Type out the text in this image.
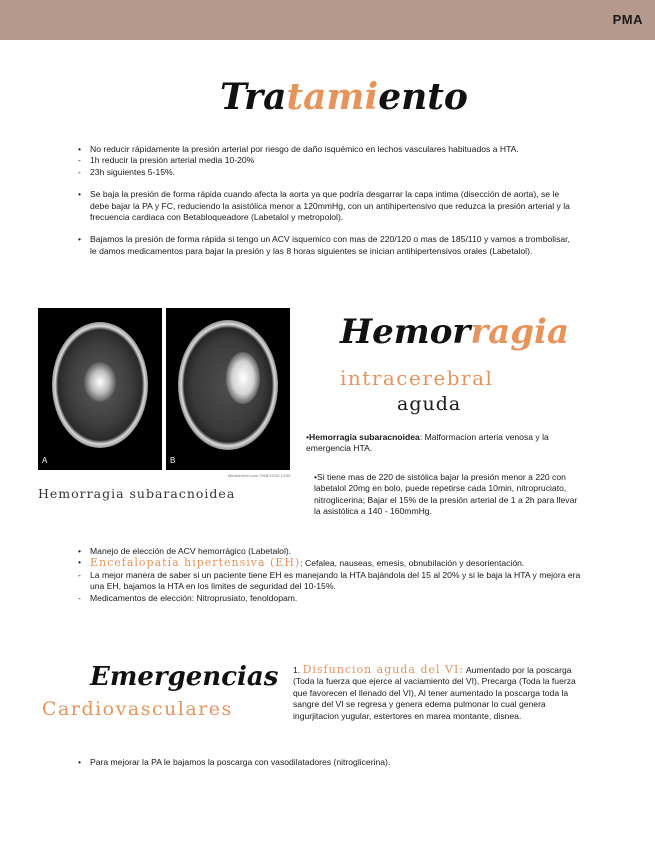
PMA
Tratamiento
•	No reducir rápidamente la presión arterial por riesgo de daño isquémico en lechos vasculares habituados a HTA.
-	1h reducir la presión arterial media 10-20%
-	23h siguientes 5-15%.
•	Se baja la presión de forma rápida cuando afecta la aorta ya que podría desgarrar la capa intima (disección de aorta), se le debe bajar la PA y FC, reduciendo la asistólica menor a 120mmHg, con un antihipertensivo que reduzca la presión arterial y la frecuencia cardiaca con Betabloqueadore (Labetalol y metropolol).
•	Bajamos la presión de forma rápida si tengo un ACV isquemico con mas de 220/120 o mas de 185/110 y vamos a trombolisar, le damos medicamentos para bajar la presión y las 8 horas siguientes se inician antihipertensivos orales (Labetalol).
A	B
Medicinenet.com 2008/10/20 13:56
Hemorragia subaracnoidea
Hemorragia
intracerebral
aguda
•Hemorragia subaracnoidea: Malformacion arteria venosa y la emergencia HTA.
•Si tiene mas de 220 de sistólica bajar la presión menor a 220 con labetalol 20mg en bolo, puede repetirse cada 10min, nitropruciato, nitroglicerina; Bajar el 15% de la presión arterial de 1 a 2h para llevar la asistólica a 140 - 160mmHg.
•	Manejo de elección de ACV hemorrágico (Labetalol).
• Encefalopatía hipertensiva (EH): Cefalea, nauseas, emesis, obnubilación y desorientación.
-	La mejor manera de saber si un paciente tiene EH es manejando la HTA bajándola del 15 al 20% y si le baja la HTA y mejora era una EH, bajamos la HTA en los limites de seguridad del 10-15%.
-	Medicamentos de elección: Nitroprusiato, fenoldopam.
Emergencias
Cardiovasculares
1. Disfuncion aguda del VI: Aumentado por la poscarga (Toda la fuerza que ejerce al vaciamiento del VI), Precarga (Toda la fuerza que favorecen el llenado del VI), Al tener aumentado la poscarga toda la sangre del VI se regresa y genera edema pulmonar lo cual genera ingurjitacion yugular, estertores en marea montante, disnea.
•	Para mejorar la PA le bajamos la poscarga con vasodilatadores (nitroglicerina).
